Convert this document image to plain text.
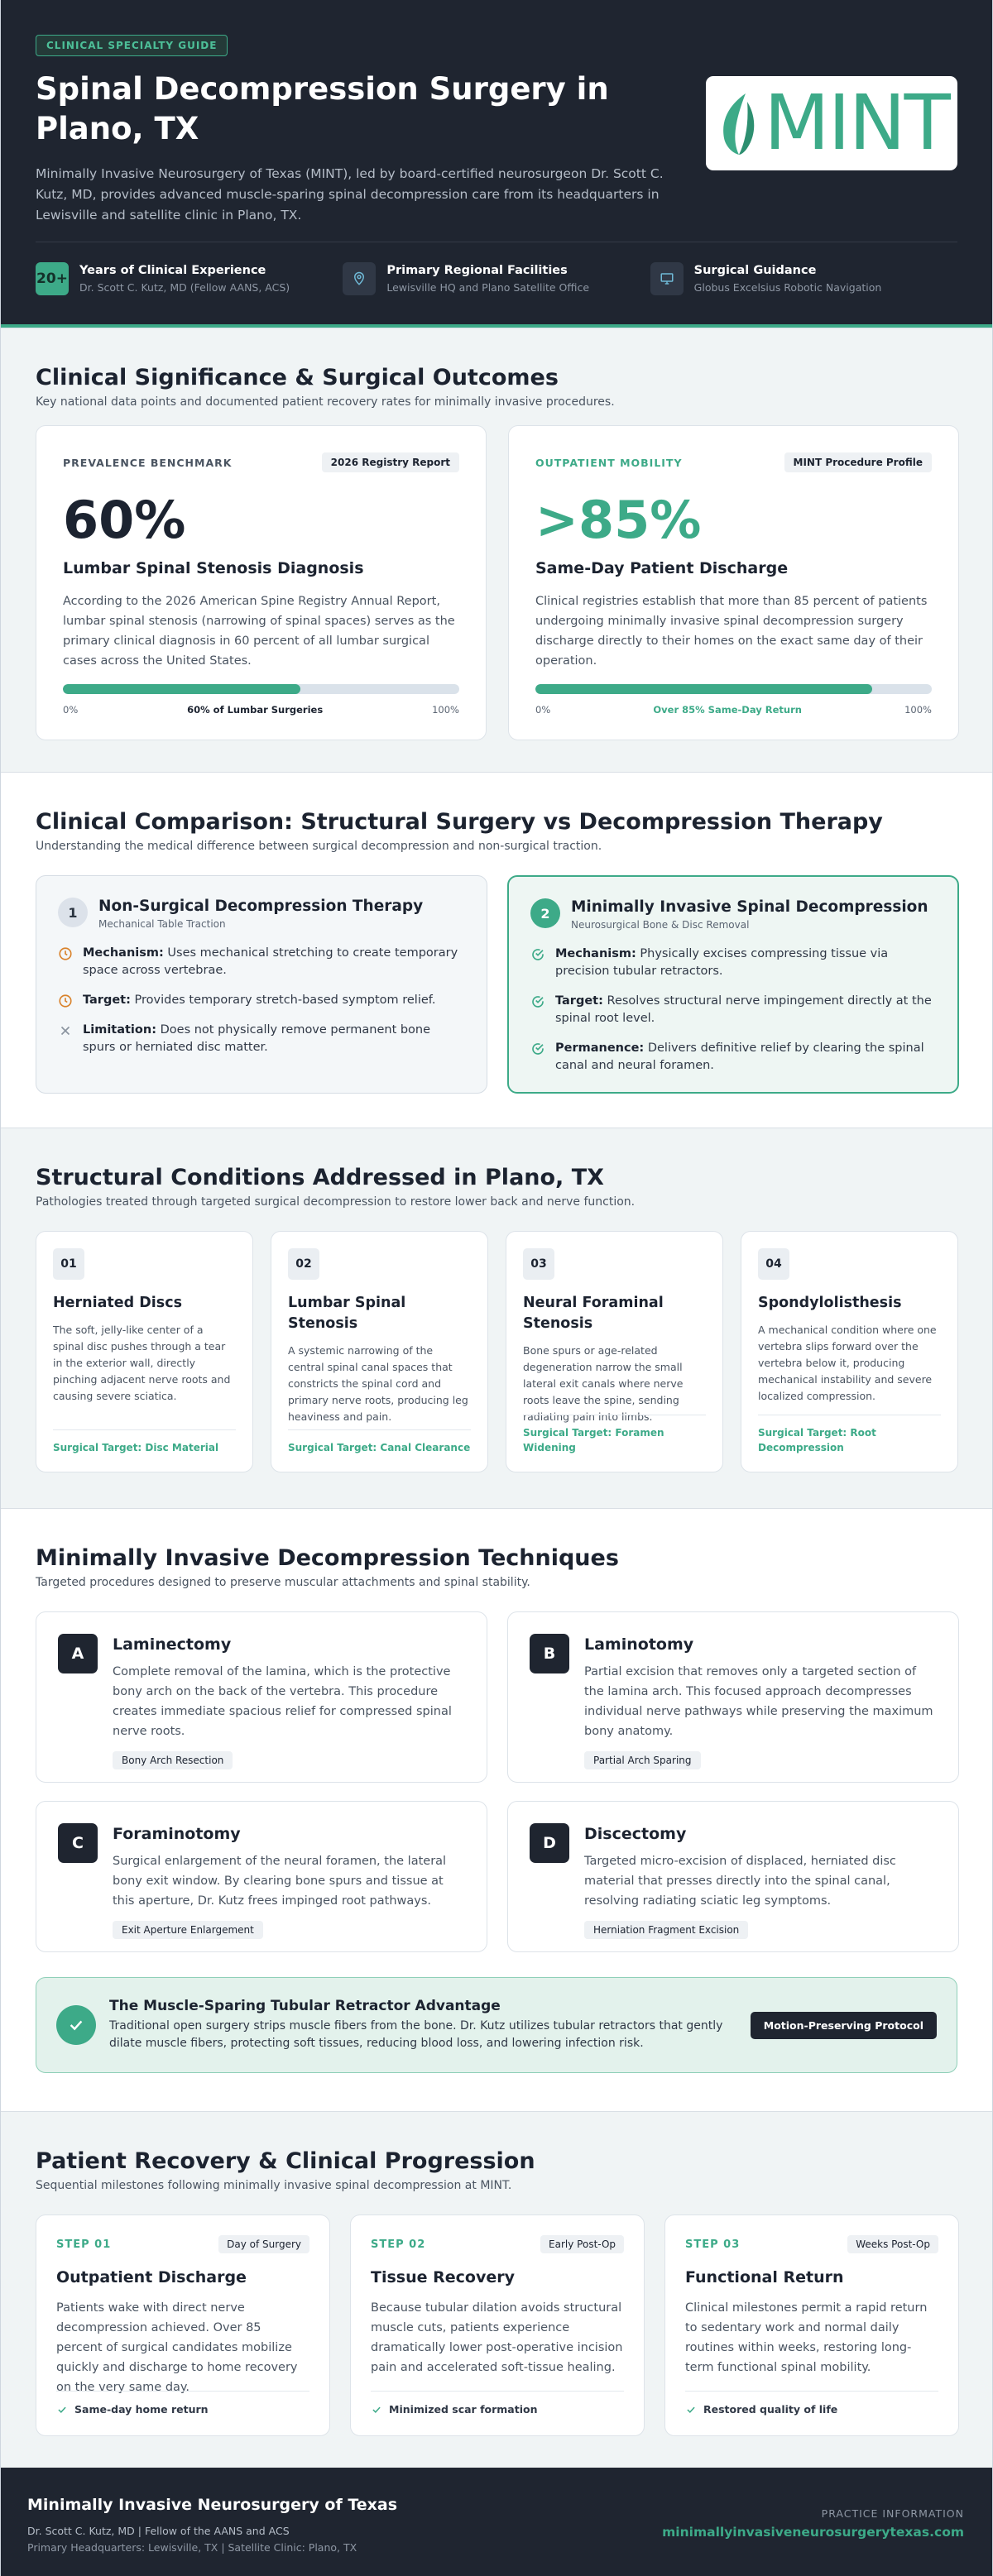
CLINICAL SPECIALTY GUIDE
Spinal Decompression Surgery in Plano, TX

Minimally Invasive Neurosurgery of Texas (MINT), led by board-certified neurosurgeon Dr. Scott C. Kutz, MD, provides advanced muscle-sparing spinal decompression care from its headquarters in Lewisville and satellite clinic in Plano, TX.

MINT
20+ Years of Clinical Experience
Dr. Scott C. Kutz, MD (Fellow AANS, ACS)
Primary Regional Facilities
Lewisville HQ and Plano Satellite Office
Surgical Guidance
Globus Excelsius Robotic Navigation
Clinical Significance & Surgical Outcomes

Key national data points and documented patient recovery rates for minimally invasive procedures.

PREVALENCE BENCHMARK	2026 Registry Report
60%
Lumbar Spinal Stenosis Diagnosis

According to the 2026 American Spine Registry Annual Report, lumbar spinal stenosis (narrowing of spinal spaces) serves as the primary clinical diagnosis in 60 percent of all lumbar surgical cases across the United States.

0%	60% of Lumbar Surgeries	100%
OUTPATIENT MOBILITY	MINT Procedure Profile
>85%
Same-Day Patient Discharge

Clinical registries establish that more than 85 percent of patients undergoing minimally invasive spinal decompression surgery discharge directly to their homes on the exact same day of their operation.

0%	Over 85% Same-Day Return	100%
Clinical Comparison: Structural Surgery vs Decompression Therapy

Understanding the medical difference between surgical decompression and non-surgical traction.

1	Non-Surgical Decompression Therapy
Mechanical Table Traction
Mechanism: Uses mechanical stretching to create temporary space across vertebrae.
Target: Provides temporary stretch-based symptom relief.
Limitation: Does not physically remove permanent bone spurs or herniated disc matter.
2	Minimally Invasive Spinal Decompression
Neurosurgical Bone & Disc Removal
Mechanism: Physically excises compressing tissue via precision tubular retractors.
Target: Resolves structural nerve impingement directly at the spinal root level.
Permanence: Delivers definitive relief by clearing the spinal canal and neural foramen.
Structural Conditions Addressed in Plano, TX

Pathologies treated through targeted surgical decompression to restore lower back and nerve function.

01
Herniated Discs

The soft, jelly-like center of a spinal disc pushes through a tear in the exterior wall, directly pinching adjacent nerve roots and causing severe sciatica.

Surgical Target: Disc Material
02
Lumbar Spinal Stenosis

A systemic narrowing of the central spinal canal spaces that constricts the spinal cord and primary nerve roots, producing leg heaviness and pain.

Surgical Target: Canal Clearance
03
Neural Foraminal Stenosis

Bone spurs or age-related degeneration narrow the small lateral exit canals where nerve roots leave the spine, sending radiating pain into limbs.

Surgical Target: Foramen Widening
04
Spondylolisthesis

A mechanical condition where one vertebra slips forward over the vertebra below it, producing mechanical instability and severe localized compression.

Surgical Target: Root Decompression
Minimally Invasive Decompression Techniques

Targeted procedures designed to preserve muscular attachments and spinal stability.

A	Laminectomy

Complete removal of the lamina, which is the protective bony arch on the back of the vertebra. This procedure creates immediate spacious relief for compressed spinal nerve roots.

Bony Arch Resection
B	Laminotomy

Partial excision that removes only a targeted section of the lamina arch. This focused approach decompresses individual nerve pathways while preserving the maximum bony anatomy.

Partial Arch Sparing
C	Foraminotomy

Surgical enlargement of the neural foramen, the lateral bony exit window. By clearing bone spurs and tissue at this aperture, Dr. Kutz frees impinged root pathways.

Exit Aperture Enlargement
D	Discectomy

Targeted micro-excision of displaced, herniated disc material that presses directly into the spinal canal, resolving radiating sciatic leg symptoms.

Herniation Fragment Excision
The Muscle-Sparing Tubular Retractor Advantage

Traditional open surgery strips muscle fibers from the bone. Dr. Kutz utilizes tubular retractors that gently dilate muscle fibers, protecting soft tissues, reducing blood loss, and lowering infection risk.

Motion-Preserving Protocol
Patient Recovery & Clinical Progression

Sequential milestones following minimally invasive spinal decompression at MINT.

STEP 01	Day of Surgery
Outpatient Discharge

Patients wake with direct nerve decompression achieved. Over 85 percent of surgical candidates mobilize quickly and discharge to home recovery on the very same day.

Same-day home return
STEP 02	Early Post-Op
Tissue Recovery

Because tubular dilation avoids structural muscle cuts, patients experience dramatically lower post-operative incision pain and accelerated soft-tissue healing.

Minimized scar formation
STEP 03	Weeks Post-Op
Functional Return

Clinical milestones permit a rapid return to sedentary work and normal daily routines within weeks, restoring long-term functional spinal mobility.

Restored quality of life
Minimally Invasive Neurosurgery of Texas
Dr. Scott C. Kutz, MD | Fellow of the AANS and ACS
Primary Headquarters: Lewisville, TX | Satellite Clinic: Plano, TX
PRACTICE INFORMATION
minimallyinvasiveneurosurgerytexas.com
